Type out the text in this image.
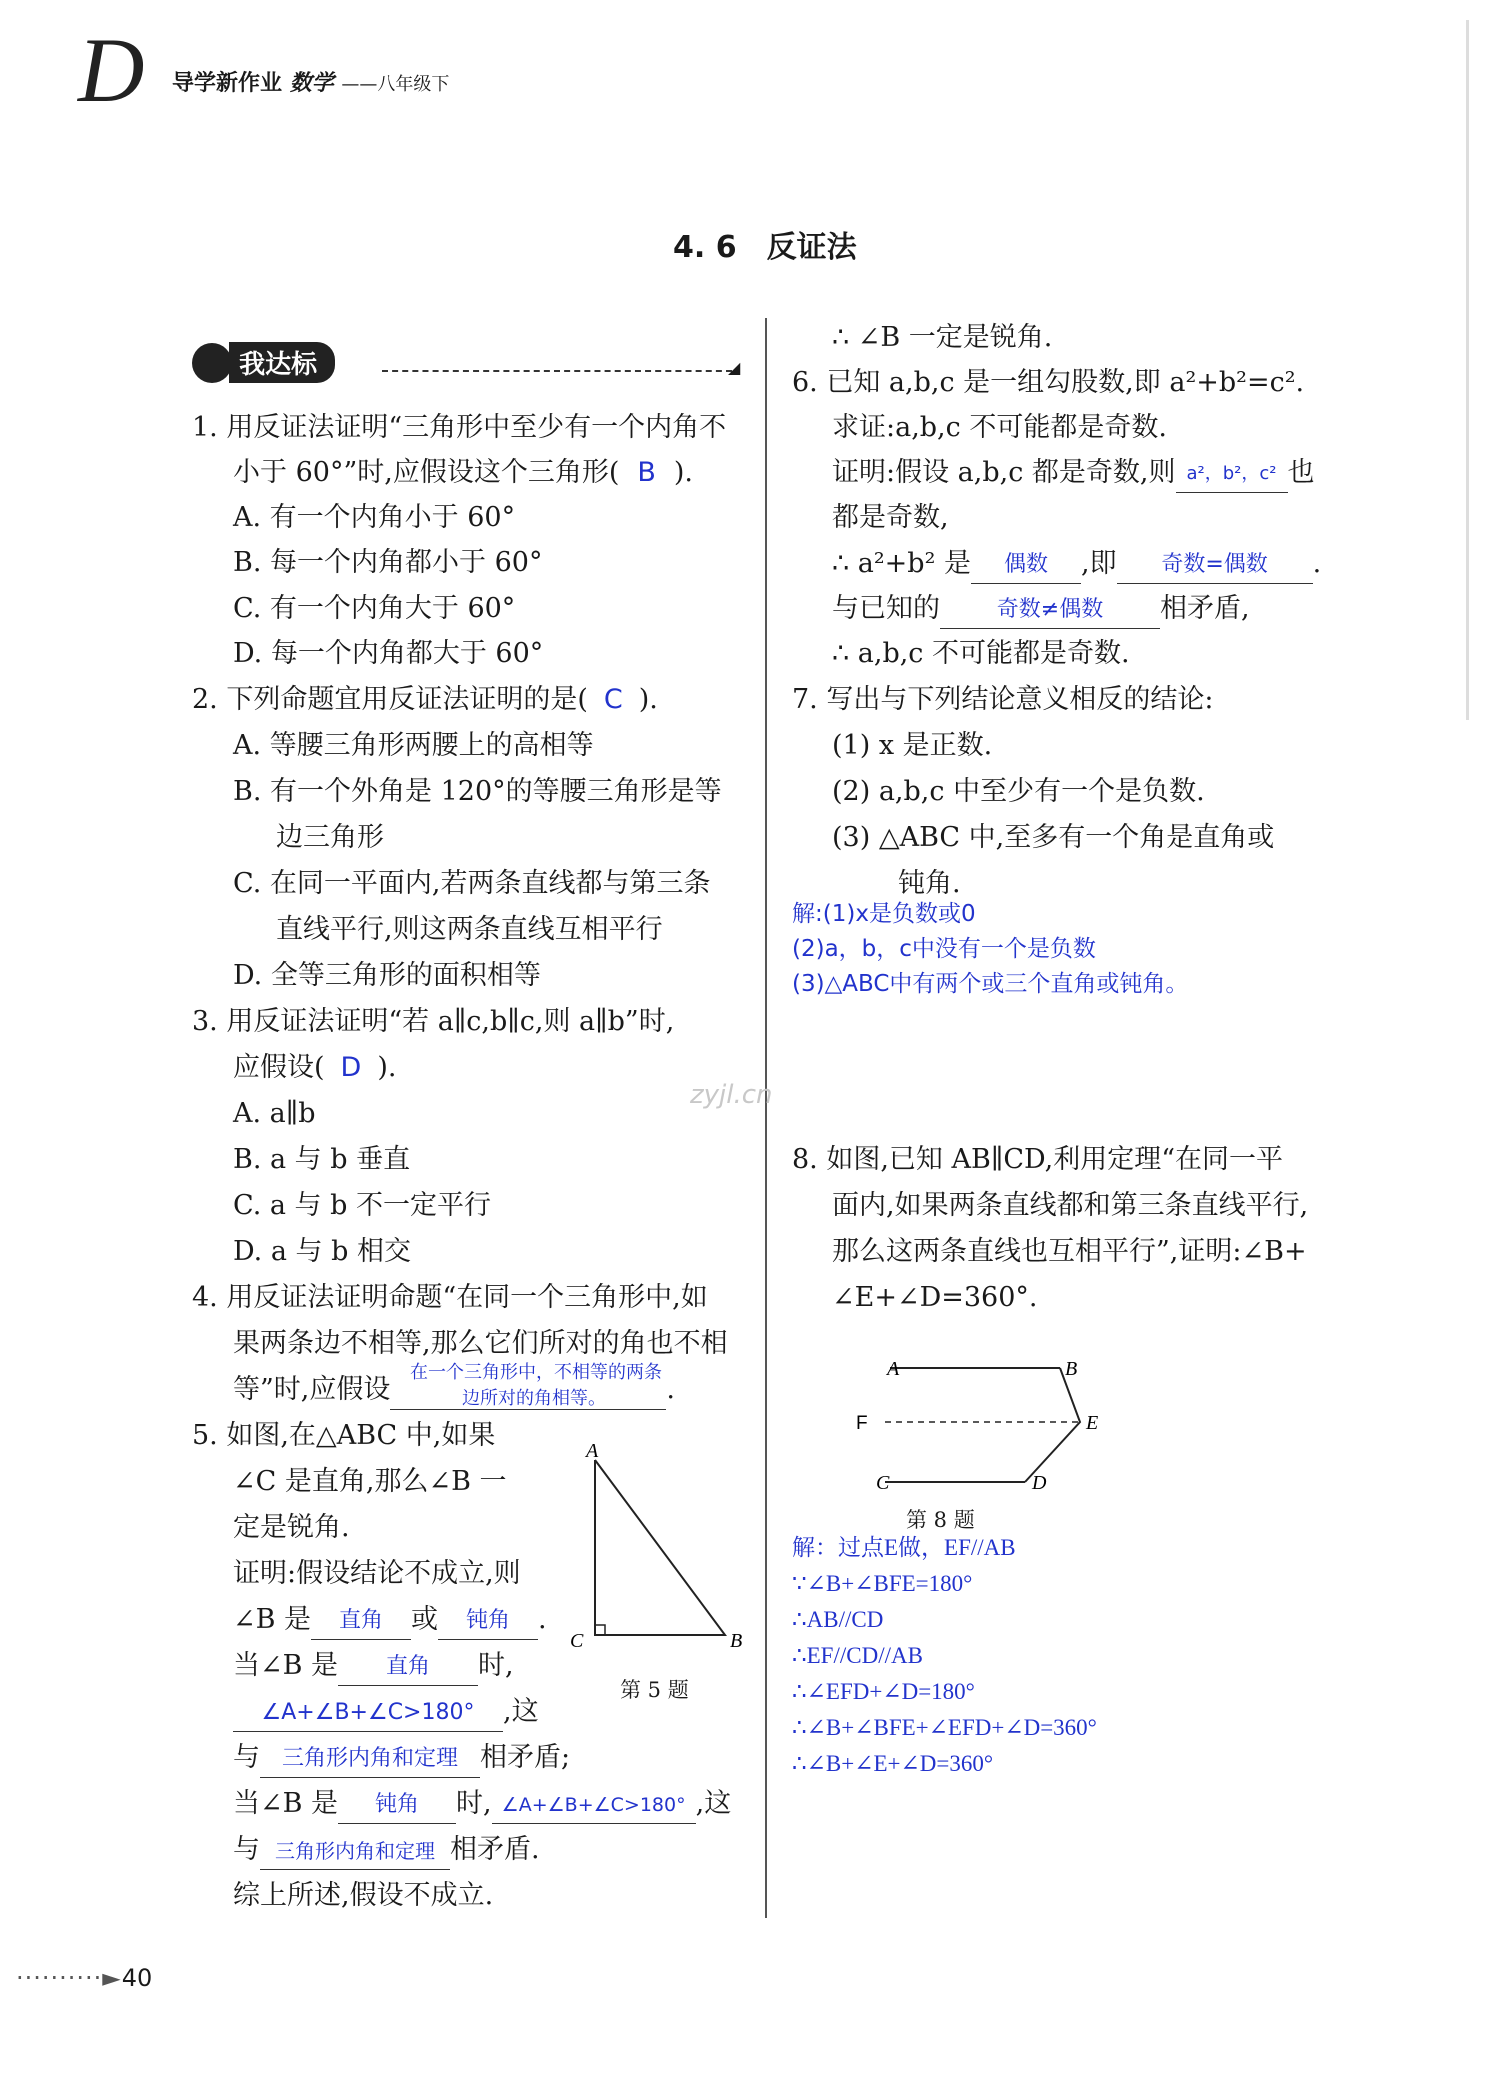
D 导学新作业 数学 ——八年级下
4. 6　反证法
我达标	◢
1. 用反证法证明“三角形中至少有一个内角不
小于 60°”时,应假设这个三角形( B ).
A. 有一个内角小于 60°
B. 每一个内角都小于 60°
C. 有一个内角大于 60°
D. 每一个内角都大于 60°
2. 下列命题宜用反证法证明的是( C ).
A. 等腰三角形两腰上的高相等
B. 有一个外角是 120°的等腰三角形是等
边三角形
C. 在同一平面内,若两条直线都与第三条
直线平行,则这两条直线互相平行
D. 全等三角形的面积相等
3. 用反证法证明“若 a∥c,b∥c,则 a∥b”时,
应假设( D ).
A. a∥b
B. a 与 b 垂直
C. a 与 b 不一定平行
D. a 与 b 相交
4. 用反证法证明命题“在同一个三角形中,如
果两条边不相等,那么它们所对的角也不相
等”时,应假设	.
在一个三角形中，不相等的两条
边所对的角相等。
5. 如图,在△ABC 中,如果
∠C 是直角,那么∠B 一
定是锐角.
证明:假设结论不成立,则
∠B 是 直角 或 钝角 .
当∠B 是 直角 时,
∠A+∠B+∠C>180° ,这
与 三角形内角和定理 相矛盾;
当∠B 是 钝角 时, ∠A+∠B+∠C>180° ,这
与 三角形内角和定理 相矛盾.
综上所述,假设不成立.
A
C	B
第 5 题
∴ ∠B 一定是锐角.
6. 已知 a,b,c 是一组勾股数,即 a²+b²=c².
求证:a,b,c 不可能都是奇数.
证明:假设 a,b,c 都是奇数,则 a²，b²，c² 也
都是奇数,
∴ a²+b² 是 偶数 ,即 奇数=偶数 .
与已知的	奇数≠偶数 相矛盾,
∴ a,b,c 不可能都是奇数.
7. 写出与下列结论意义相反的结论:
(1) x 是正数.
(2) a,b,c 中至少有一个是负数.
(3) △ABC 中,至多有一个角是直角或
钝角.
解:(1)x是负数或0
(2)a，b，c中没有一个是负数
(3)△ABC中有两个或三个直角或钝角。
zyjl.cn
8. 如图,已知 AB∥CD,利用定理“在同一平
面内,如果两条直线都和第三条直线平行,
那么这两条直线也互相平行”,证明:∠B+
∠E+∠D=360°.
A	B
F	E
C	D
第 8 题
解：过点E做，EF//AB
∵∠B+∠BFE=180°
∴AB//CD
∴EF//CD//AB
∴∠EFD+∠D=180°
∴∠B+∠BFE+∠EFD+∠D=360°
∴∠B+∠E+∠D=360°
··········►40
